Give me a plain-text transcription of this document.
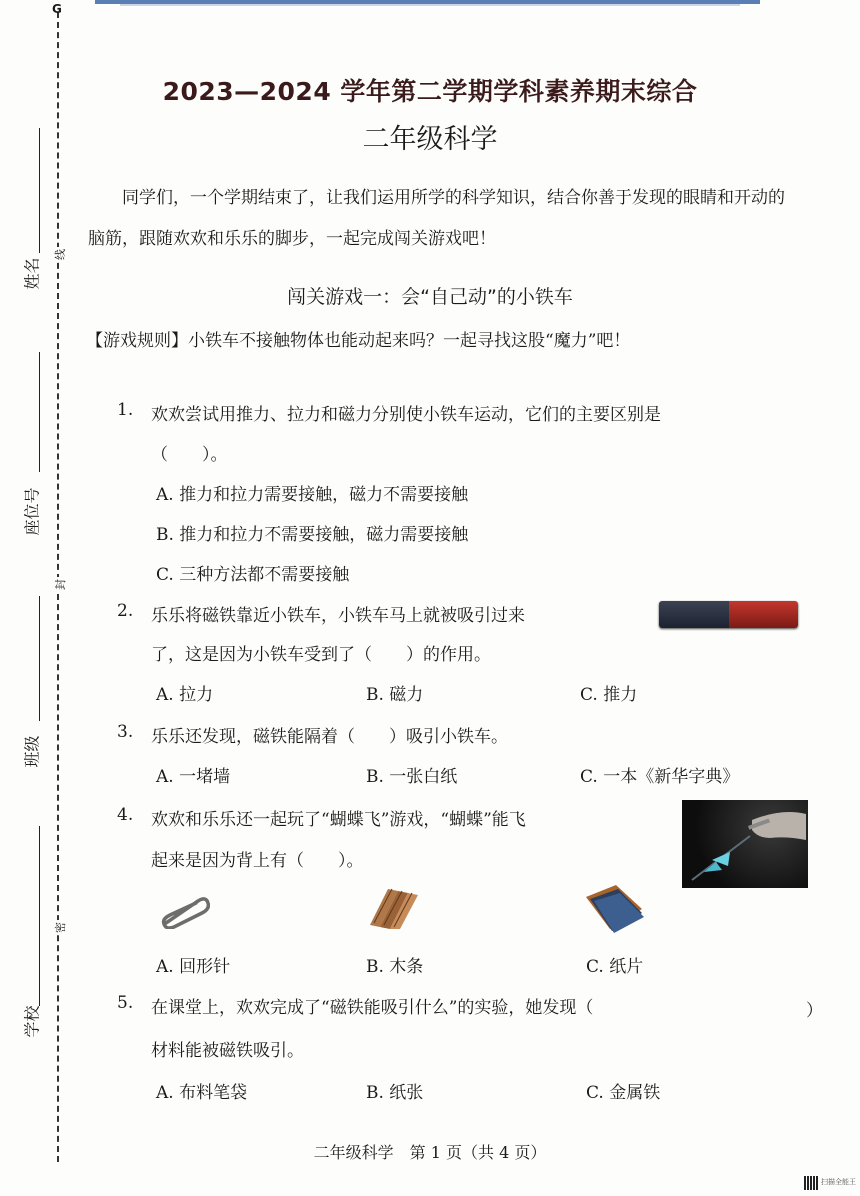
G
线
封
密
姓名
座位号
班级
学校
2023—2024 学年第二学期学科素养期末综合
二年级科学
同学们，一个学期结束了，让我们运用所学的科学知识，结合你善于发现的眼睛和开动的脑筋，跟随欢欢和乐乐的脚步，一起完成闯关游戏吧！
闯关游戏一：会“自己动”的小铁车
【游戏规则】小铁车不接触物体也能动起来吗？一起寻找这股“魔力”吧！
1. 欢欢尝试用推力、拉力和磁力分别使小铁车运动，它们的主要区别是
（　　）。
A. 推力和拉力需要接触，磁力不需要接触
B. 推力和拉力不需要接触，磁力需要接触
C. 三种方法都不需要接触
2. 乐乐将磁铁靠近小铁车，小铁车马上就被吸引过来
了，这是因为小铁车受到了（　　）的作用。
A. 拉力	B. 磁力	C. 推力
3. 乐乐还发现，磁铁能隔着（　　）吸引小铁车。
A. 一堵墙	B. 一张白纸	C. 一本《新华字典》
4. 欢欢和乐乐还一起玩了“蝴蝶飞”游戏，“蝴蝶”能飞
起来是因为背上有（　　）。
A. 回形针	B. 木条	C. 纸片
5. 在课堂上，欢欢完成了“磁铁能吸引什么”的实验，她发现（	）
材料能被磁铁吸引。
A. 布料笔袋	B. 纸张	C. 金属铁
二年级科学　第 1 页（共 4 页）
扫描全能王
